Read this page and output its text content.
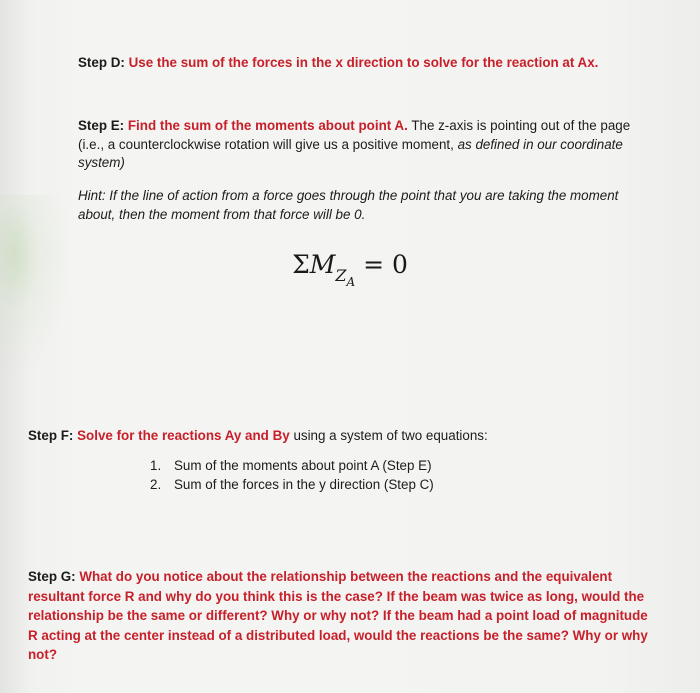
Step D: Use the sum of the forces in the x direction to solve for the reaction at Ax.
Step E: Find the sum of the moments about point A. The z-axis is pointing out of the page (i.e., a counterclockwise rotation will give us a positive moment, as defined in our coordinate system)
Hint: If the line of action from a force goes through the point that you are taking the moment about, then the moment from that force will be 0.
$\Sigma M_{ZA} = 0$
Step F: Solve for the reactions Ay and By using a system of two equations:
1. Sum of the moments about point A (Step E)
2. Sum of the forces in the y direction (Step C)
Step G: What do you notice about the relationship between the reactions and the equivalent resultant force R and why do you think this is the case? If the beam was twice as long, would the relationship be the same or different? Why or why not? If the beam had a point load of magnitude R acting at the center instead of a distributed load, would the reactions be the same? Why or why not?
